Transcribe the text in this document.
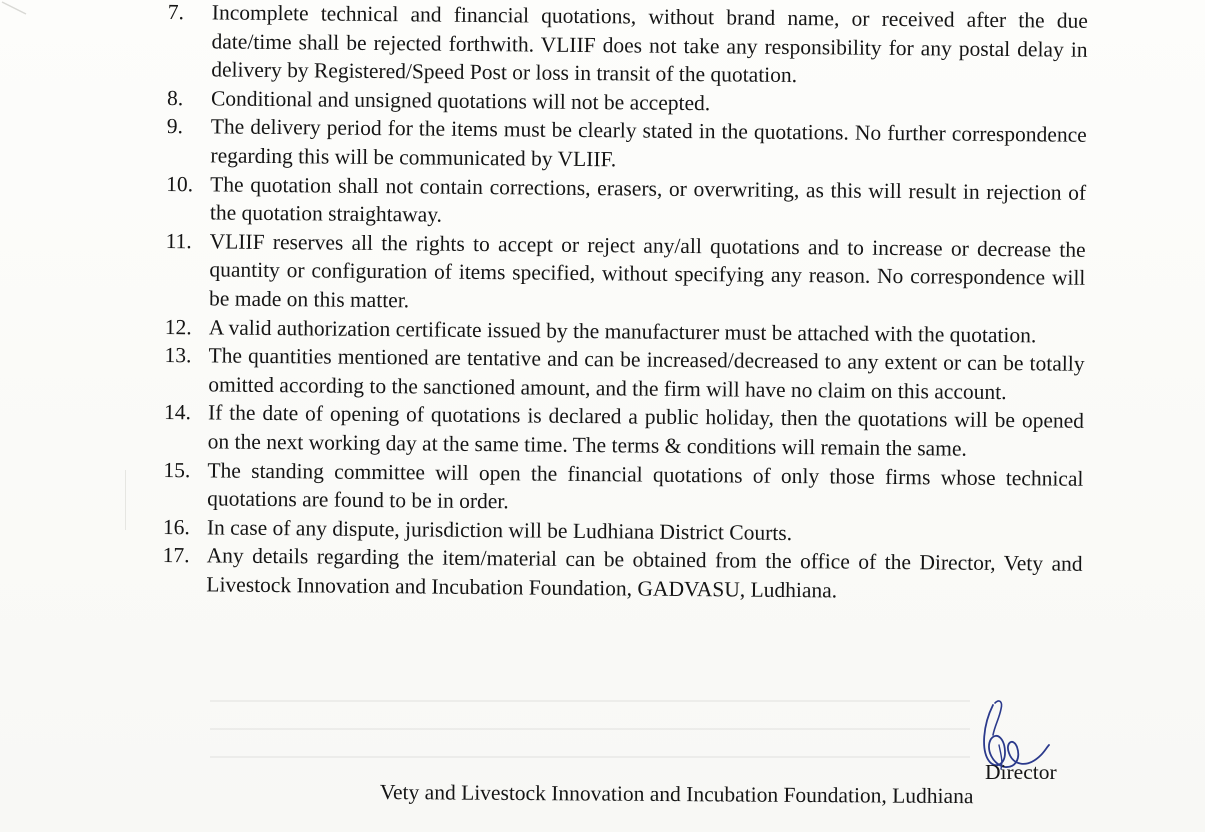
7.	Incomplete technical and financial quotations, without brand name, or received after the due date/time shall be rejected forthwith. VLIIF does not take any responsibility for any postal delay in delivery by Registered/Speed Post or loss in transit of the quotation.
8.	Conditional and unsigned quotations will not be accepted.
9.	The delivery period for the items must be clearly stated in the quotations. No further correspondence regarding this will be communicated by VLIIF.
10. The quotation shall not contain corrections, erasers, or overwriting, as this will result in rejection of the quotation straightaway.
11. VLIIF reserves all the rights to accept or reject any/all quotations and to increase or decrease the quantity or configuration of items specified, without specifying any reason. No correspondence will be made on this matter.
12. A valid authorization certificate issued by the manufacturer must be attached with the quotation.
13. The quantities mentioned are tentative and can be increased/decreased to any extent or can be totally omitted according to the sanctioned amount, and the firm will have no claim on this account.
14. If the date of opening of quotations is declared a public holiday, then the quotations will be opened on the next working day at the same time. The terms & conditions will remain the same.
15. The standing committee will open the financial quotations of only those firms whose technical quotations are found to be in order.
16. In case of any dispute, jurisdiction will be Ludhiana District Courts.
17. Any details regarding the item/material can be obtained from the office of the Director, Vety and Livestock Innovation and Incubation Foundation, GADVASU, Ludhiana.
Director
Vety and Livestock Innovation and Incubation Foundation, Ludhiana
